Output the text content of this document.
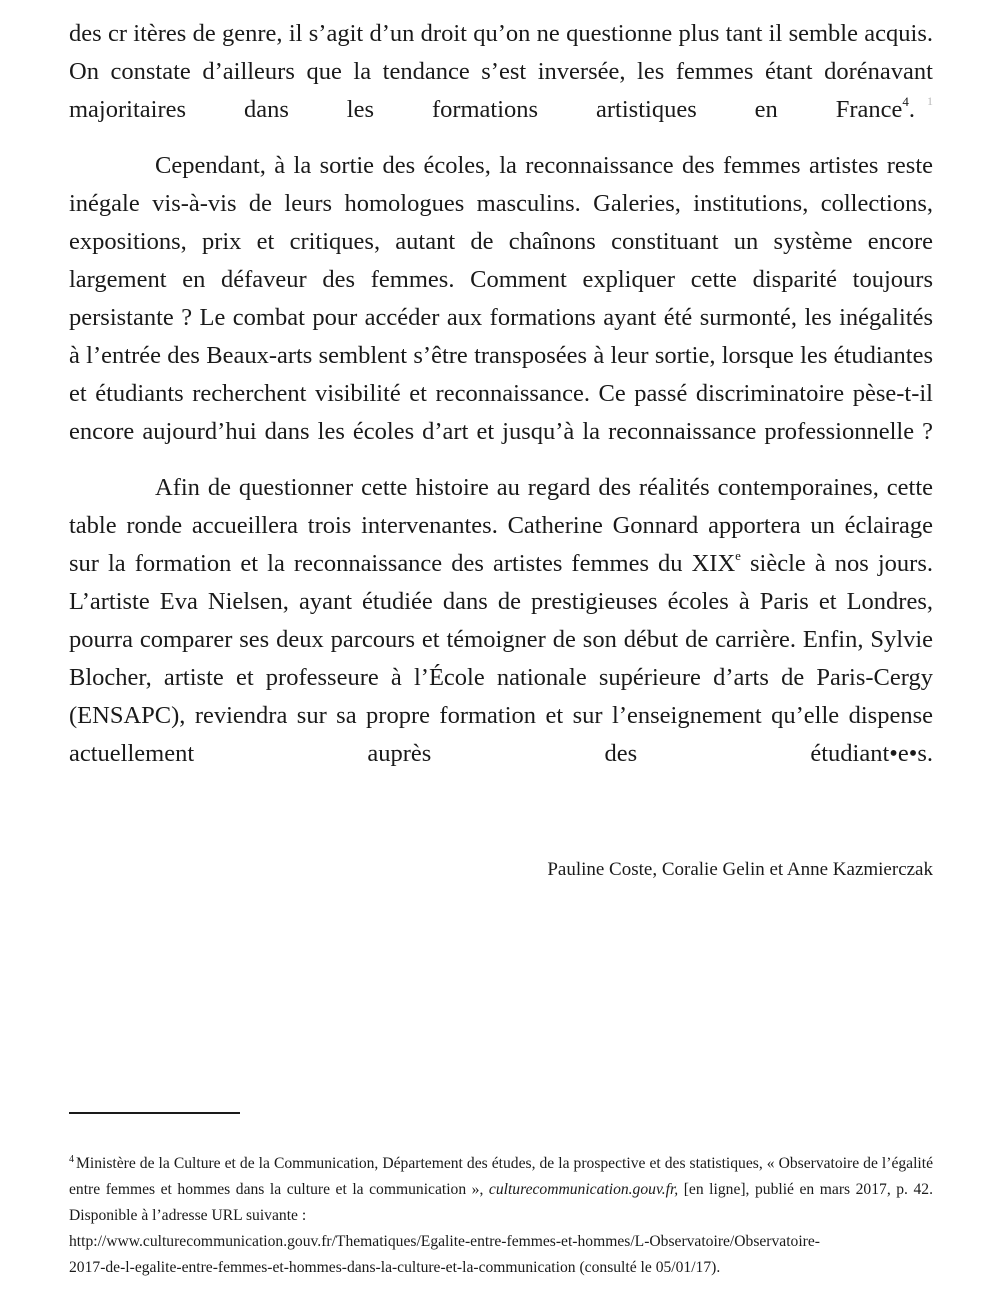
des cr itères de genre, il s’agit d’un droit qu’on ne questionne plus tant il semble acquis. On constate d’ailleurs que la tendance s’est inversée, les femmes étant dorénavant majoritaires dans les formations artistiques en France$^4$. $^1$

Cependant, à la sortie des écoles, la reconnaissance des femmes artistes reste inégale vis-à-vis de leurs homologues masculins. Galeries, institutions, collections, expositions, prix et critiques, autant de chaînons constituant un système encore largement en défaveur des femmes. Comment expliquer cette disparité toujours persistante ? Le combat pour accéder aux formations ayant été surmonté, les inégalités à l’entrée des Beaux-arts semblent s’être transposées à leur sortie, lorsque les étudiantes et étudiants recherchent visibilité et reconnaissance. Ce passé discriminatoire pèse-t-il encore aujourd’hui dans les écoles d’art et jusqu’à la reconnaissance professionnelle ?

Afin de questionner cette histoire au regard des réalités contemporaines, cette table ronde accueillera trois intervenantes. Catherine Gonnard apportera un éclairage sur la formation et la reconnaissance des artistes femmes du XIXe siècle à nos jours. L’artiste Eva Nielsen, ayant étudiée dans de prestigieuses écoles à Paris et Londres, pourra comparer ses deux parcours et témoigner de son début de carrière. Enfin, Sylvie Blocher, artiste et professeure à l’École nationale supérieure d’arts de Paris-Cergy (ENSAPC), reviendra sur sa propre formation et sur l’enseignement qu’elle dispense actuellement auprès des étudiant•e•s.

Pauline Coste, Coralie Gelin et Anne Kazmierczak
$^4$ Ministère de la Culture et de la Communication, Département des études, de la prospective et des statistiques, « Observatoire de l’égalité entre femmes et hommes dans la culture et la communication », culturecommunication.gouv.fr, [en ligne], publié en mars 2017, p. 42. Disponible à l’adresse URL suivante :
http://www.culturecommunication.gouv.fr/Thematiques/Egalite-entre-femmes-et-hommes/L-Observatoire/Observatoire-
2017-de-l-egalite-entre-femmes-et-hommes-dans-la-culture-et-la-communication (consulté le 05/01/17).
